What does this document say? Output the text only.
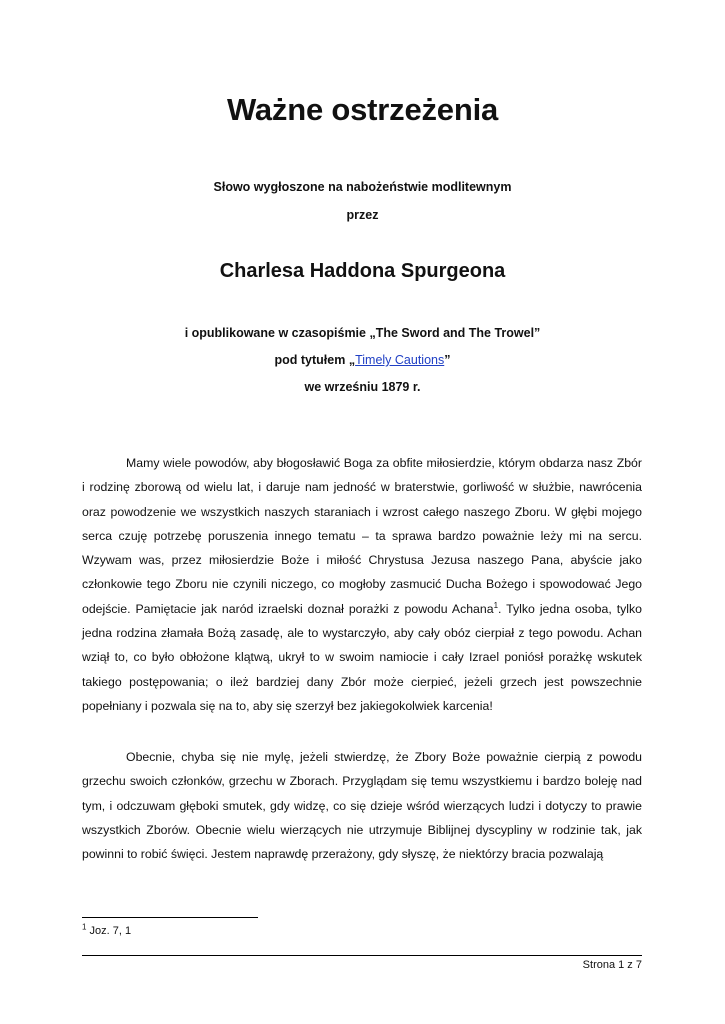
Ważne ostrzeżenia
Słowo wygłoszone na nabożeństwie modlitewnym
przez
Charlesa Haddona Spurgeona
i opublikowane w czasopiśmie „The Sword and The Trowel”
pod tytułem „Timely Cautions”
we wrześniu 1879 r.

Mamy wiele powodów, aby błogosławić Boga za obfite miłosierdzie, którym obdarza nasz Zbór i rodzinę zborową od wielu lat, i daruje nam jedność w braterstwie, gorliwość w służbie, nawrócenia oraz powodzenie we wszystkich naszych staraniach i wzrost całego naszego Zboru. W głębi mojego serca czuję potrzebę poruszenia innego tematu – ta sprawa bardzo poważnie leży mi na sercu. Wzywam was, przez miłosierdzie Boże i miłość Chrystusa Jezusa naszego Pana, abyście jako członkowie tego Zboru nie czynili niczego, co mogłoby zasmucić Ducha Bożego i spowodować Jego odejście. Pamiętacie jak naród izraelski doznał porażki z powodu Achana$^1$. Tylko jedna osoba, tylko jedna rodzina złamała Bożą zasadę, ale to wystarczyło, aby cały obóz cierpiał z tego powodu. Achan wziął to, co było obłożone klątwą, ukrył to w swoim namiocie i cały Izrael poniósł porażkę wskutek takiego postępowania; o ileż bardziej dany Zbór może cierpieć, jeżeli grzech jest powszechnie popełniany i pozwala się na to, aby się szerzył bez jakiegokolwiek karcenia!

Obecnie, chyba się nie mylę, jeżeli stwierdzę, że Zbory Boże poważnie cierpią z powodu grzechu swoich członków, grzechu w Zborach. Przyglądam się temu wszystkiemu i bardzo boleję nad tym, i odczuwam głęboki smutek, gdy widzę, co się dzieje wśród wierzących ludzi i dotyczy to prawie wszystkich Zborów. Obecnie wielu wierzących nie utrzymuje Biblijnej dyscypliny w rodzinie tak, jak powinni to robić święci. Jestem naprawdę przerażony, gdy słyszę, że niektórzy bracia pozwalają

$^1$ Joz. 7, 1
Strona 1 z 7
